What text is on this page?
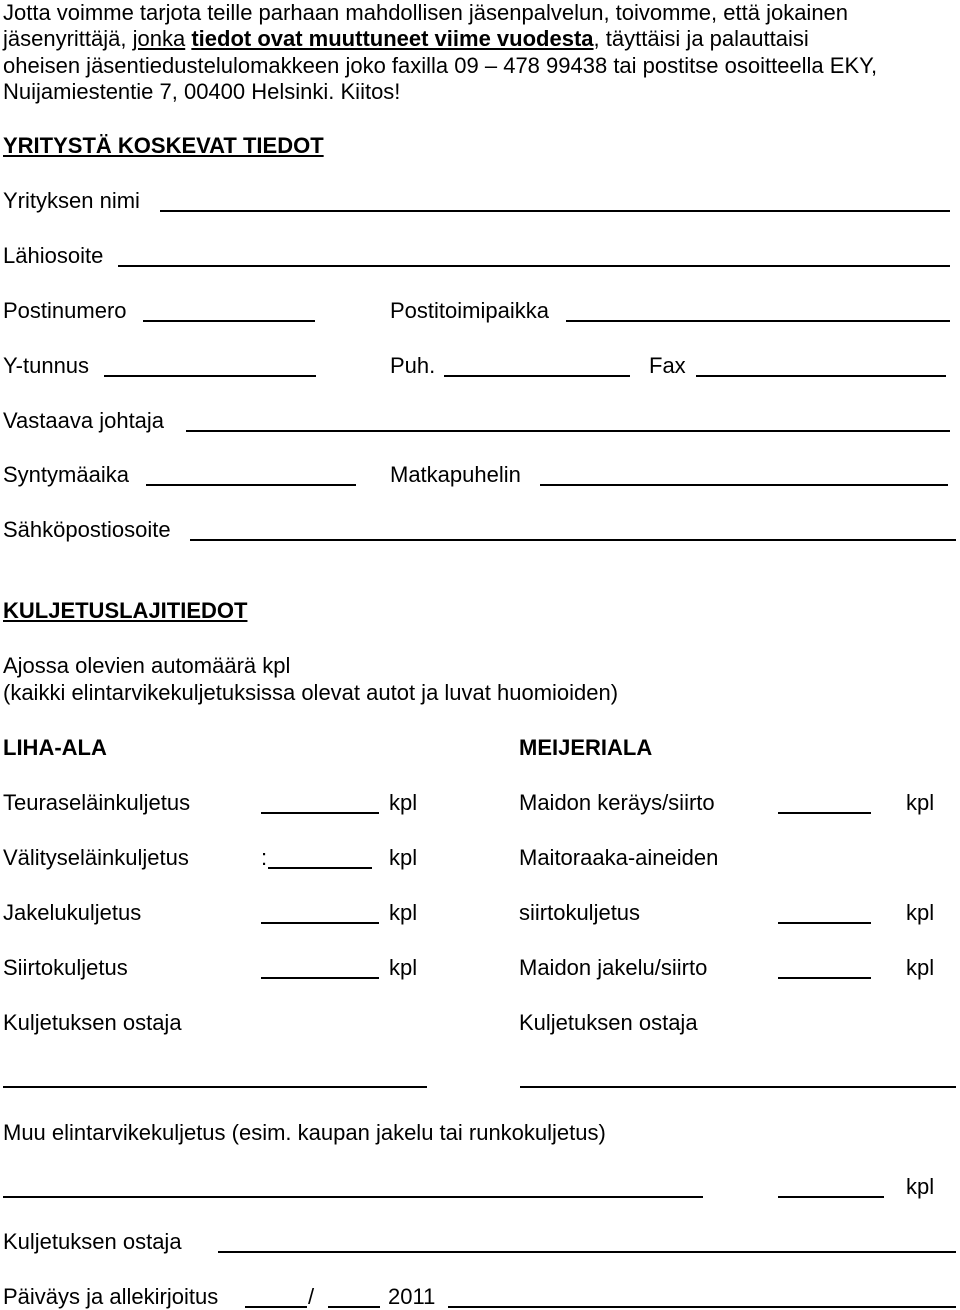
Jotta voimme tarjota teille parhaan mahdollisen jäsenpalvelun, toivomme, että jokainen
jäsenyrittäjä, jonka tiedot ovat muuttuneet viime vuodesta, täyttäisi ja palauttaisi
oheisen jäsentiedustelulomakkeen joko faxilla 09 – 478 99438 tai postitse osoitteella EKY,
Nuijamiestentie 7, 00400 Helsinki. Kiitos!
YRITYSTÄ KOSKEVAT TIEDOT
Yrityksen nimi
Lähiosoite
Postinumero	Postitoimipaikka
Y-tunnus	Puh.	Fax
Vastaava johtaja
Syntymäaika	Matkapuhelin
Sähköpostiosoite
KULJETUSLAJITIEDOT
Ajossa olevien automäärä kpl
(kaikki elintarvikekuljetuksissa olevat autot ja luvat huomioiden)
LIHA-ALA
Teuraseläinkuljetus	kpl
Välityseläinkuljetus	:	kpl
Jakelukuljetus	kpl
Siirtokuljetus	kpl
Kuljetuksen ostaja
MEIJERIALA
Maidon keräys/siirto	kpl
Maitoraaka-aineiden
siirtokuljetus	kpl
Maidon jakelu/siirto	kpl
Kuljetuksen ostaja
Muu elintarvikekuljetus (esim. kaupan jakelu tai runkokuljetus)
kpl
Kuljetuksen ostaja
Päiväys ja allekirjoitus	/	2011
